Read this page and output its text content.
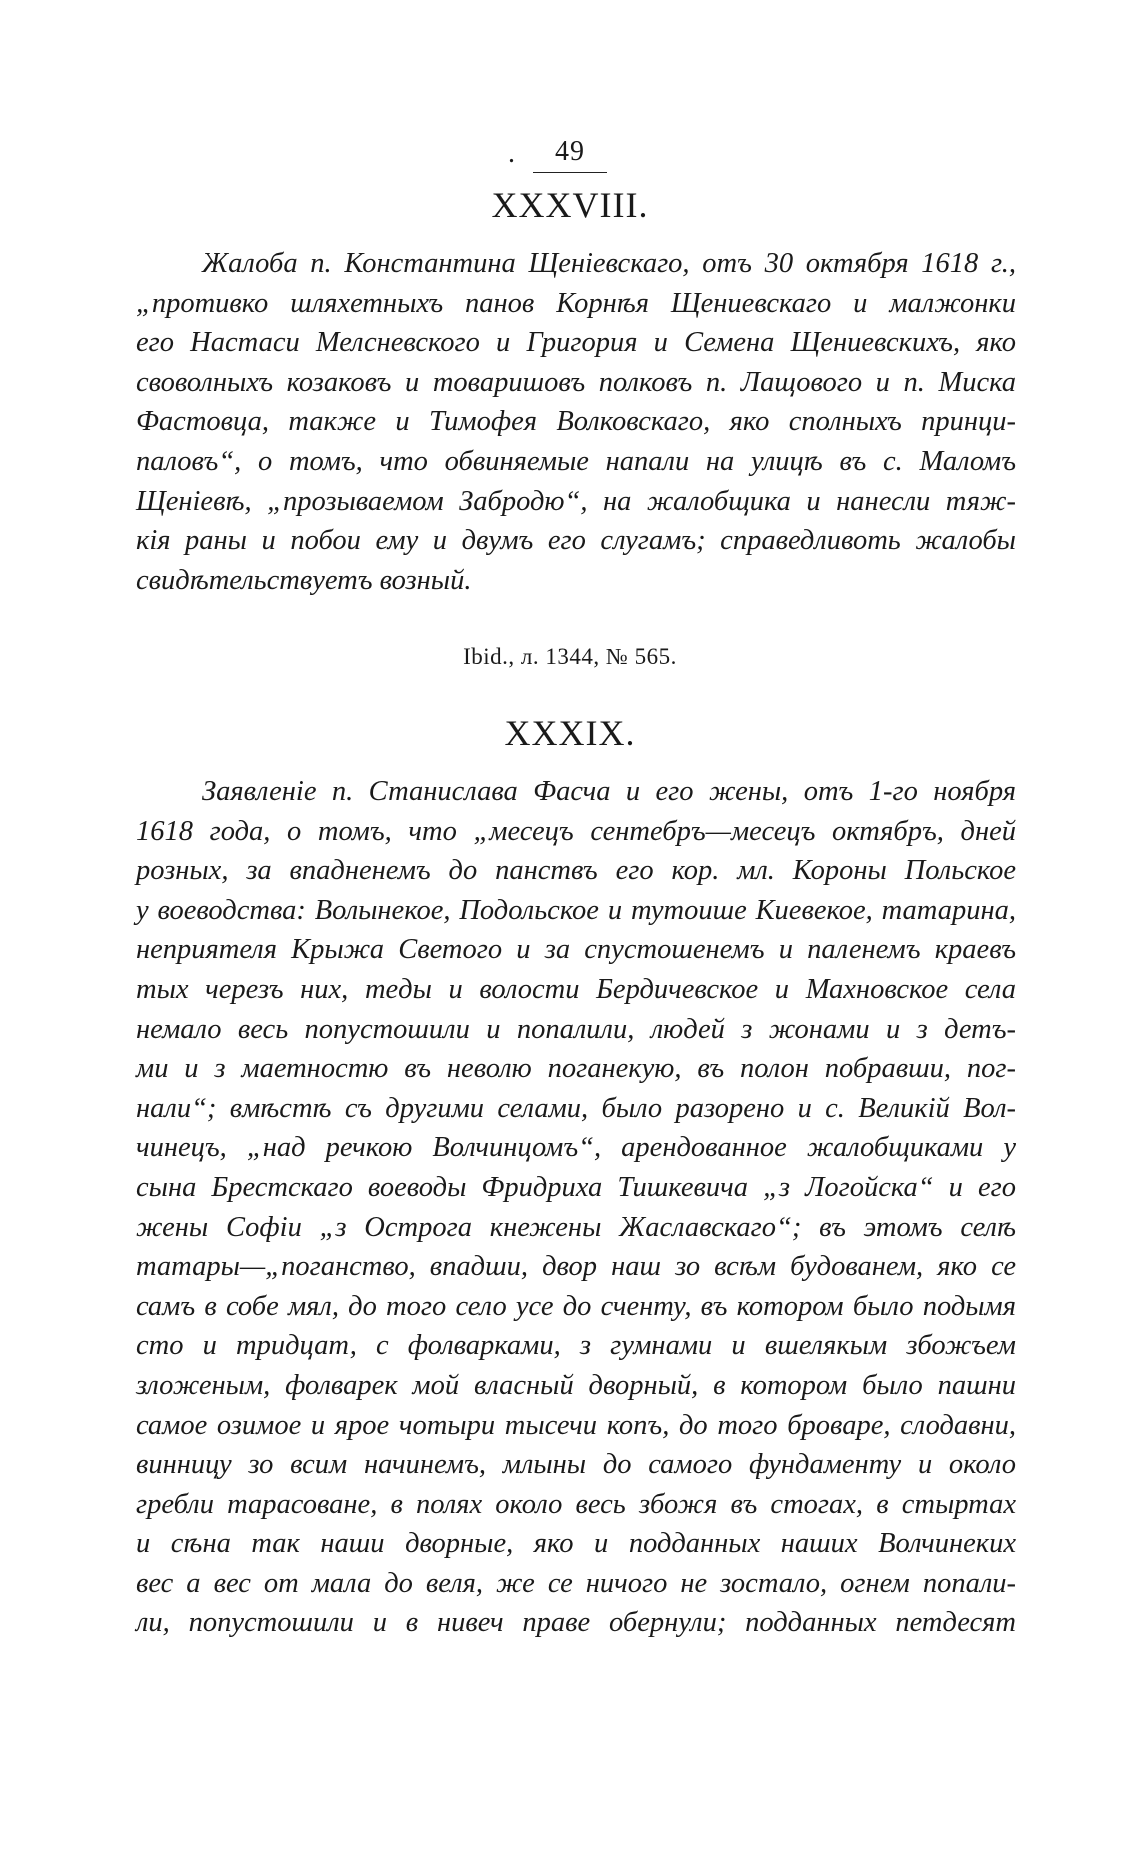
. 49
XXXVIII.
Жалоба п. Константина Щенiевскаго, отъ 30 октября 1618 г.,
„противко шляхетныхъ панов Корнѣя Щениевскаго и малжонки
его Настаси Мелсневского и Григория и Семена Щениевскихъ, яко
своволныхъ козаковъ и товаришовъ полковъ п. Лащового и п. Миска
Фастовца, такжe и Тимофея Волковскаго, яко сполныхъ принци-
паловъ“, о томъ, что обвиняемые напали на улицѣ въ с. Маломъ
Щенiевѣ, „прозываемом Забродю“, на жалобщика и нанесли тяж-
кiя раны и побои ему и двумъ его слугамъ; справедливоть жалобы
свидѣтельствуетъ возный.
Ibid., л. 1344, № 565.
XXXIX.
Заявленiе п. Станислава Фасча и его жены, отъ 1-го ноября
1618 года, о томъ, что „месецъ сентебръ—месецъ октябръ, дней
розных, за впадненемъ до панствъ его кор. мл. Короны Польское
у воеводства: Волынекое, Подольское и тутоише Киевекое, татарина,
неприятеля Крыжа Светого и за спустошенемъ и паленемъ краевъ
тых черезъ них, тeды и волости Бердичевское и Махновское села
немало весь попустошили и попалили, людей з жонами и з детъ-
ми и з маетностю въ неволю поганекую, въ полон побравши, пог-
нали“; вмѣстѣ съ другими селами, было разорено и с. Великiй Вол-
чинецъ, „над речкою Волчинцомъ“, арендованное жалобщиками у
сына Брестскаго воеводы Фридриха Тишкевича „з Логойска“ и его
жены Софiи „з Острога кнежены Жаславскаго“; въ этомъ селѣ
татары—„поганство, впадши, двор наш зо всѣм будованем, яко се
самъ в собе мял, до того село усе до сченту, въ котором было подымя
сто и тридцат, с фолварками, з гумнами и вшелякым збожъем
зложеным, фолварек мой власный дворный, в котором было пашни
самое озимое и ярое чотыри тысечи копъ, до того броваре, слодавни,
винницу зо всим начинемъ, млыны до самого фундаменту и около
гребли тарасоване, в полях около весь збожя въ стогах, в стыртах
и сѣна так наши дворные, яко и подданных наших Волчинеких
вес а вес от мала до веля, же се ничого не зостало, огнем попали-
ли, попустошили и в нивеч праве обернули; подданных петдесят
